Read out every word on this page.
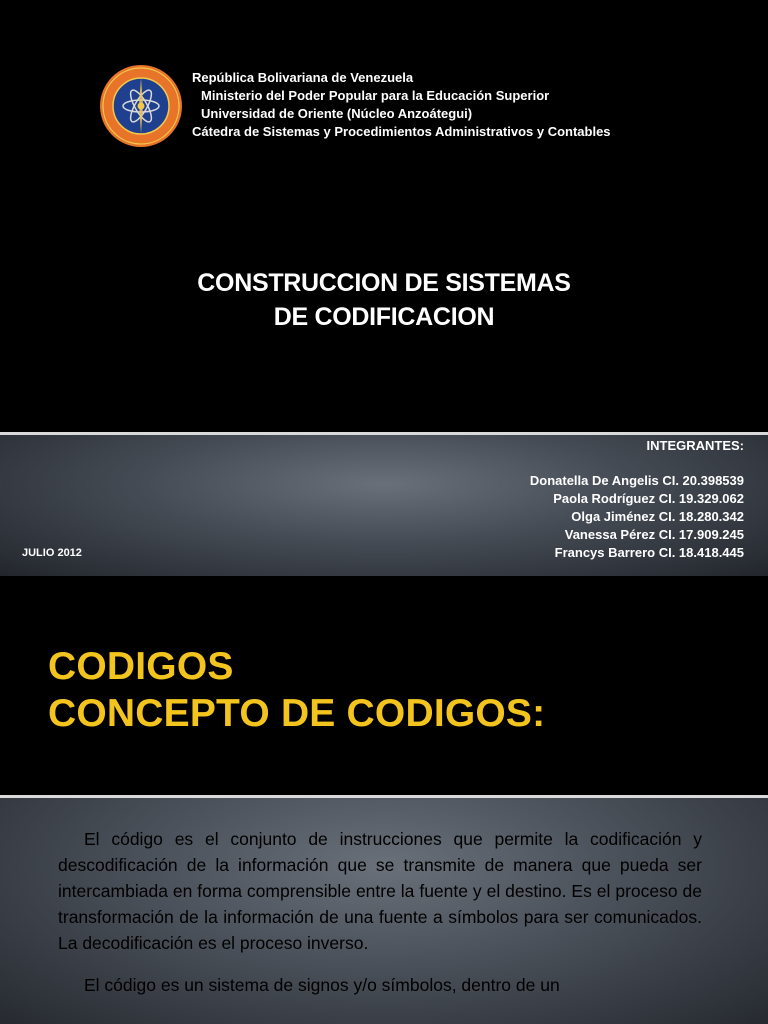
República Bolivariana de Venezuela
Ministerio del Poder Popular para la Educación Superior
Universidad de Oriente (Núcleo Anzoátegui)
Cátedra de Sistemas y Procedimientos Administrativos y Contables
CONSTRUCCION DE SISTEMAS
DE CODIFICACION
INTEGRANTES:
Donatella De Angelis CI. 20.398539
Paola Rodríguez CI. 19.329.062
Olga Jiménez CI. 18.280.342
Vanessa Pérez CI. 17.909.245
Francys Barrero CI. 18.418.445
JULIO 2012
CODIGOS
CONCEPTO DE CODIGOS:

El código es el conjunto de instrucciones que permite la codificación y descodificación de la información que se transmite de manera que pueda ser intercambiada en forma comprensible entre la fuente y el destino. Es el proceso de transformación de la información de una fuente a símbolos para ser comunicados. La decodificación es el proceso inverso.

El código es un sistema de signos y/o símbolos, dentro de un
